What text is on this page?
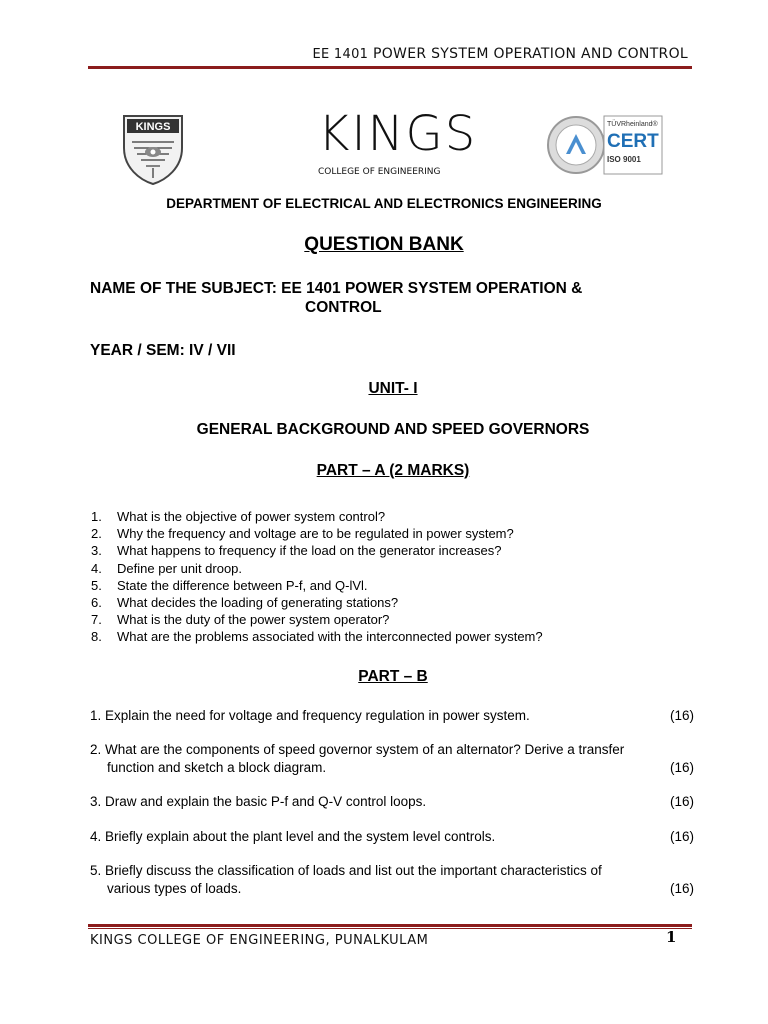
EE 1401 POWER SYSTEM OPERATION AND CONTROL
KINGS	KINGS
COLLEGE OF ENGINEERING
TÜVRheinland®
CERT
ISO 9001
DEPARTMENT OF ELECTRICAL AND ELECTRONICS ENGINEERING
QUESTION BANK
NAME OF THE SUBJECT: EE 1401 POWER SYSTEM OPERATION &
CONTROL
YEAR / SEM: IV / VII
UNIT- I
GENERAL BACKGROUND AND SPEED GOVERNORS
PART – A (2 MARKS)
1. What is the objective of power system control?
2. Why the frequency and voltage are to be regulated in power system?
3. What happens to frequency if the load on the generator increases?
4. Define per unit droop.
5. State the difference between P-f, and Q-lVl.
6. What decides the loading of generating stations?
7. What is the duty of the power system operator?
8. What are the problems associated with the interconnected power system?
PART – B
1. Explain the need for voltage and frequency regulation in power system.	(16)
2. What are the components of speed governor system of an alternator? Derive a transfer
function and sketch a block diagram.	(16)
3. Draw and explain the basic P-f and Q-V control loops.	(16)
4. Briefly explain about the plant level and the system level controls.	(16)
5. Briefly discuss the classification of loads and list out the important characteristics of
various types of loads.	(16)
KINGS COLLEGE OF ENGINEERING, PUNALKULAM	1
